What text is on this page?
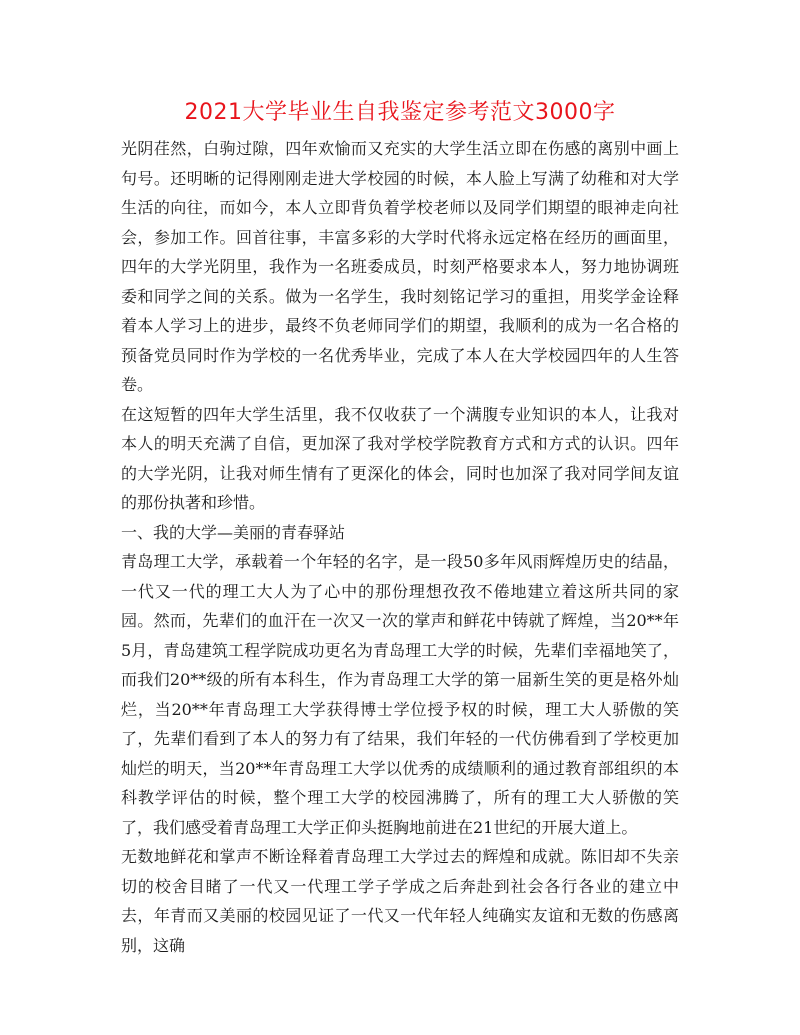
2021大学毕业生自我鉴定参考范文3000字

光阴荏然，白驹过隙，四年欢愉而又充实的大学生活立即在伤感的离别中画上句号。还明晰的记得刚刚走进大学校园的时候，本人脸上写满了幼稚和对大学生活的向往，而如今，本人立即背负着学校老师以及同学们期望的眼神走向社会，参加工作。回首往事，丰富多彩的大学时代将永远定格在经历的画面里，四年的大学光阴里，我作为一名班委成员，时刻严格要求本人，努力地协调班委和同学之间的关系。做为一名学生，我时刻铭记学习的重担，用奖学金诠释着本人学习上的进步，最终不负老师同学们的期望，我顺利的成为一名合格的预备党员同时作为学校的一名优秀毕业，完成了本人在大学校园四年的人生答卷。

在这短暂的四年大学生活里，我不仅收获了一个满腹专业知识的本人，让我对本人的明天充满了自信，更加深了我对学校学院教育方式和方式的认识。四年的大学光阴，让我对师生情有了更深化的体会，同时也加深了我对同学间友谊的那份执著和珍惜。

一、我的大学—美丽的青春驿站

青岛理工大学，承载着一个年轻的名字，是一段50多年风雨辉煌历史的结晶，一代又一代的理工大人为了心中的那份理想孜孜不倦地建立着这所共同的家园。然而，先辈们的血汗在一次又一次的掌声和鲜花中铸就了辉煌，当20**年5月，青岛建筑工程学院成功更名为青岛理工大学的时候，先辈们幸福地笑了，而我们20**级的所有本科生，作为青岛理工大学的第一届新生笑的更是格外灿烂，当20**年青岛理工大学获得博士学位授予权的时候，理工大人骄傲的笑了，先辈们看到了本人的努力有了结果，我们年轻的一代仿佛看到了学校更加灿烂的明天，当20**年青岛理工大学以优秀的成绩顺利的通过教育部组织的本科教学评估的时候，整个理工大学的校园沸腾了，所有的理工大人骄傲的笑了，我们感受着青岛理工大学正仰头挺胸地前进在21世纪的开展大道上。

无数地鲜花和掌声不断诠释着青岛理工大学过去的辉煌和成就。陈旧却不失亲切的校舍目睹了一代又一代理工学子学成之后奔赴到社会各行各业的建立中去，年青而又美丽的校园见证了一代又一代年轻人纯确实友谊和无数的伤感离别，这确
